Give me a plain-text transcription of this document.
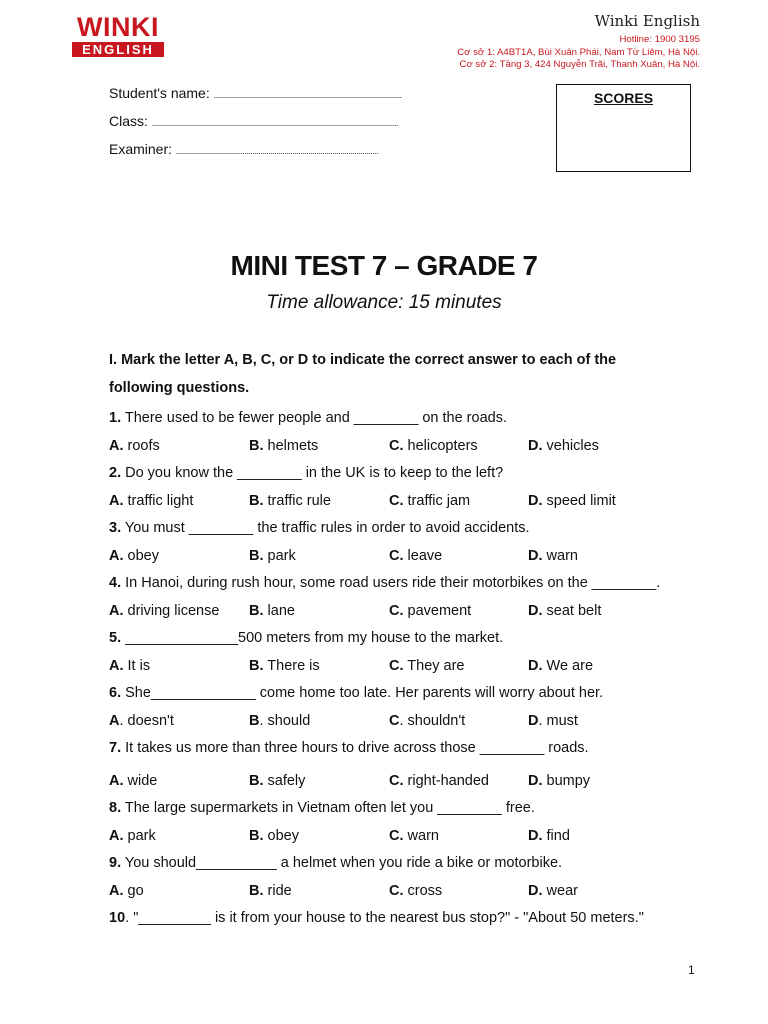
WINKI
ENGLISH
Winki English
Hotline: 1900 3195
Cơ sở 1: A4BT1A, Bùi Xuân Phái, Nam Từ Liêm, Hà Nội.
Cơ sở 2: Tầng 3, 424 Nguyễn Trãi, Thanh Xuân, Hà Nội.
Student's name: ..............................................................................................
Class: ...........................................................................................................................
Examiner: .....................................................................................................
SCORES
MINI TEST 7 – GRADE 7
Time allowance: 15 minutes
I. Mark the letter A, B, C, or D to indicate the correct answer to each of the following questions.
1. There used to be fewer people and ________ on the roads.
A. roofs	B. helmets	C. helicopters	D. vehicles
2. Do you know the ________ in the UK is to keep to the left?
A. traffic light	B. traffic rule	C. traffic jam	D. speed limit
3. You must ________ the traffic rules in order to avoid accidents.
A. obey	B. park	C. leave	D. warn
4. In Hanoi, during rush hour, some road users ride their motorbikes on the ________.
A. driving license B. lane	C. pavement	D. seat belt
5. ______________500 meters from my house to the market.
A. It is	B. There is	C. They are	D. We are
6. She_____________ come home too late. Her parents will worry about her.
A. doesn't	B. should	C. shouldn't	D. must
7. It takes us more than three hours to drive across those ________ roads.
A. wide	B. safely	C. right-handed	D. bumpy
8. The large supermarkets in Vietnam often let you ________ free.
A. park	B. obey	C. warn	D. find
9. You should__________ a helmet when you ride a bike or motorbike.
A. go	B. ride	C. cross	D. wear
10. "_________ is it from your house to the nearest bus stop?" - "About 50 meters."
1
